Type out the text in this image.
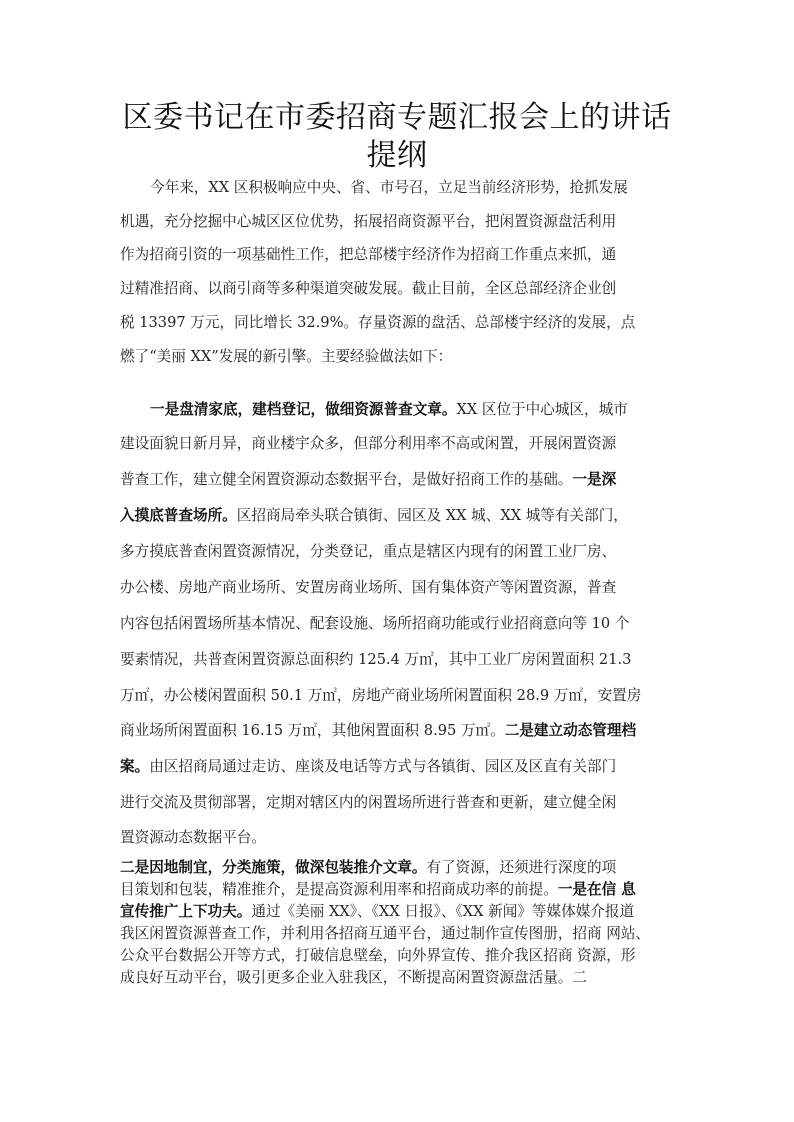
区委书记在市委招商专题汇报会上的讲话
提纲
今年来，XX 区积极响应中央、省、市号召，立足当前经济形势，抢抓发展
机遇，充分挖掘中心城区区位优势，拓展招商资源平台，把闲置资源盘活利用
作为招商引资的一项基础性工作，把总部楼宇经济作为招商工作重点来抓，通
过精准招商、以商引商等多种渠道突破发展。截止目前，全区总部经济企业创
税 13397 万元，同比增长 32.9%。存量资源的盘活、总部楼宇经济的发展，点
燃了“美丽 XX”发展的新引擎。主要经验做法如下：
一是盘清家底，建档登记，做细资源普查文章。XX 区位于中心城区，城市
建设面貌日新月异，商业楼宇众多，但部分利用率不高或闲置，开展闲置资源
普查工作，建立健全闲置资源动态数据平台，是做好招商工作的基础。一是深
入摸底普查场所。区招商局牵头联合镇街、园区及 XX 城、XX 城等有关部门，
多方摸底普查闲置资源情况，分类登记，重点是辖区内现有的闲置工业厂房、
办公楼、房地产商业场所、安置房商业场所、国有集体资产等闲置资源，普查
内容包括闲置场所基本情况、配套设施、场所招商功能或行业招商意向等 10 个
要素情况，共普查闲置资源总面积约 125.4 万㎡，其中工业厂房闲置面积 21.3
万㎡，办公楼闲置面积 50.1 万㎡，房地产商业场所闲置面积 28.9 万㎡，安置房
商业场所闲置面积 16.15 万㎡，其他闲置面积 8.95 万㎡。二是建立动态管理档
案。由区招商局通过走访、座谈及电话等方式与各镇街、园区及区直有关部门
进行交流及贯彻部署，定期对辖区内的闲置场所进行普查和更新，建立健全闲
置资源动态数据平台。
二是因地制宜，分类施策，做深包装推介文章。有了资源，还须进行深度的项
目策划和包装，精准推介，是提高资源利用率和招商成功率的前提。一是在信 息
宣传推广上下功夫。通过《美丽 XX》、《XX 日报》、《XX 新闻》等媒体媒介报道
我区闲置资源普查工作，并利用各招商互通平台，通过制作宣传图册，招商 网站、
公众平台数据公开等方式，打破信息壁垒，向外界宣传、推介我区招商 资源，形
成良好互动平台，吸引更多企业入驻我区，不断提高闲置资源盘活量。二
